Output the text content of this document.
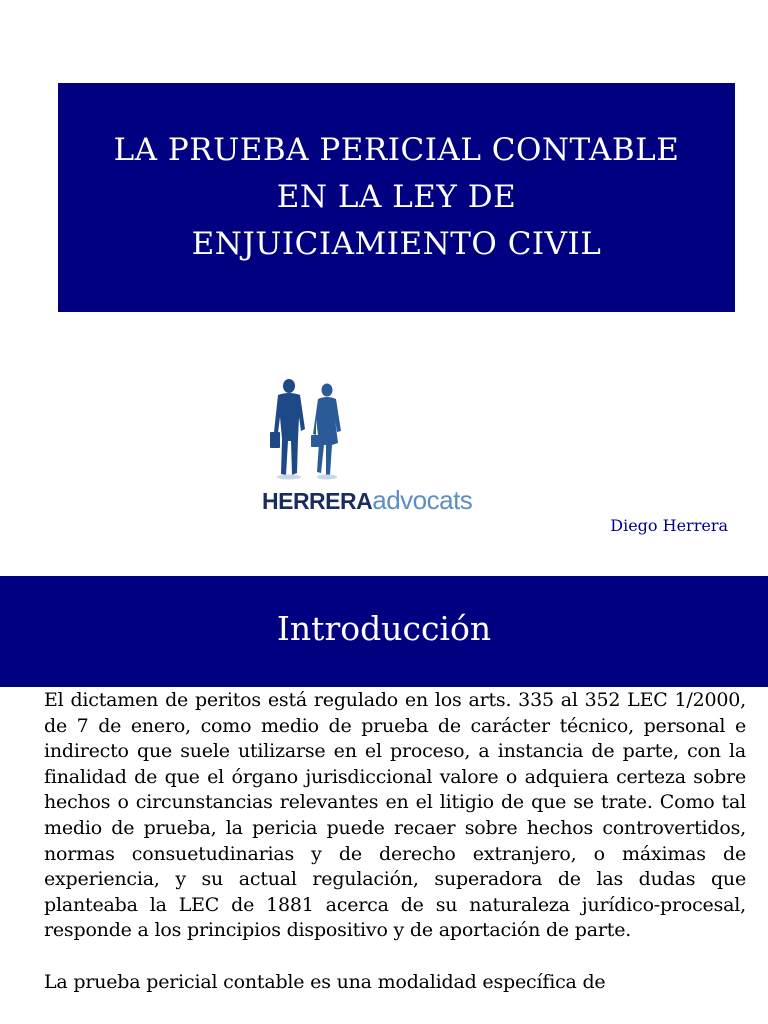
LA PRUEBA PERICIAL CONTABLE
EN LA LEY DE
ENJUICIAMIENTO CIVIL
HERRERAadvocats
Diego Herrera
Introducción

El dictamen de peritos está regulado en los arts. 335 al 352 LEC 1/2000, de 7 de enero, como medio de prueba de carácter técnico, personal e indirecto que suele utilizarse en el proceso, a instancia de parte, con la finalidad de que el órgano jurisdiccional valore o adquiera certeza sobre hechos o circunstancias relevantes en el litigio de que se trate. Como tal medio de prueba, la pericia puede recaer sobre hechos controvertidos, normas consuetudinarias y de derecho extranjero, o máximas de experiencia, y su actual regulación, superadora de las dudas que planteaba la LEC de 1881 acerca de su naturaleza jurídico-procesal, responde a los principios dispositivo y de aportación de parte.

La prueba pericial contable es una modalidad específica de
